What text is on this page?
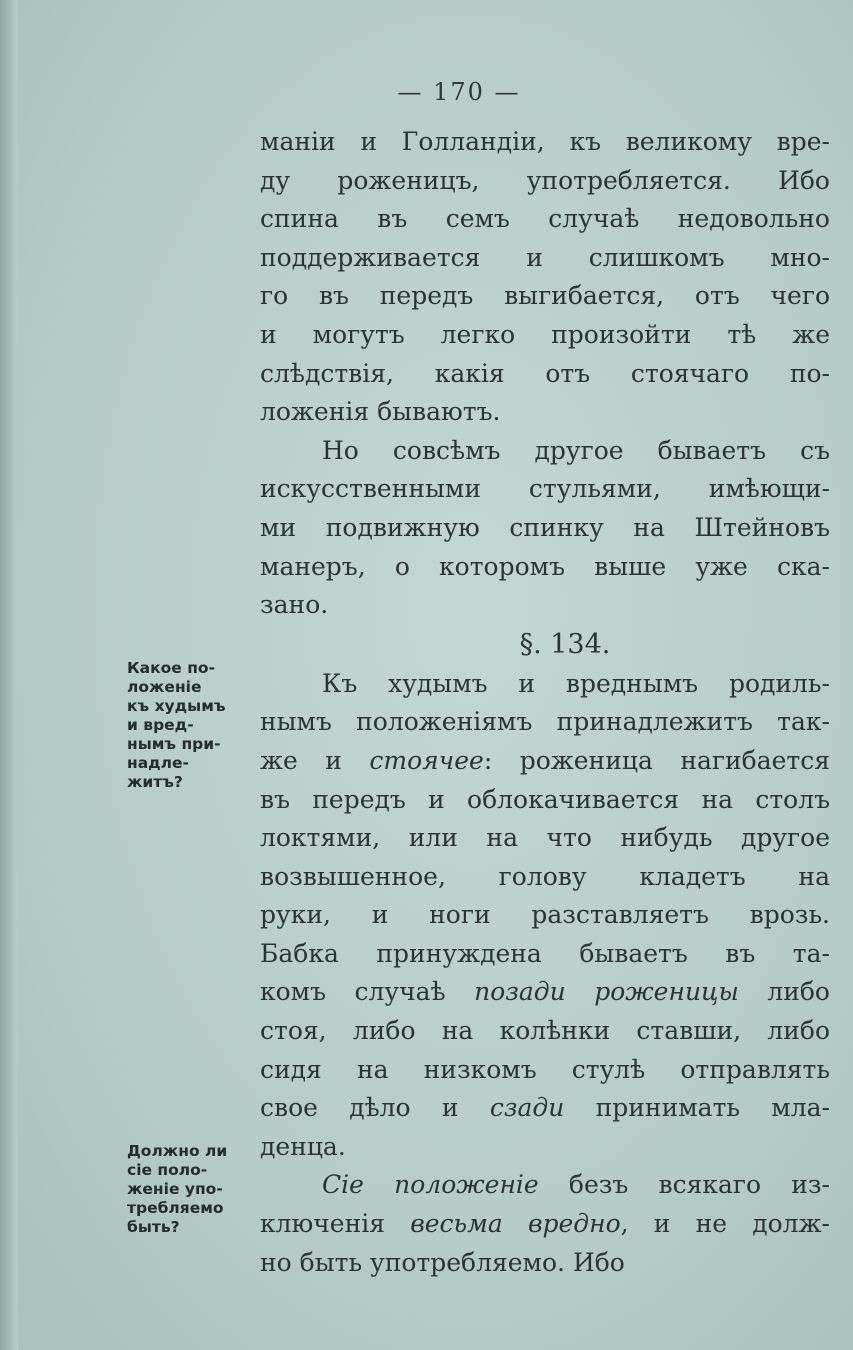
— 170 —
маніи и Голландіи, къ великому вре-
ду роженицъ, употребляется. Ибо
спина въ семъ случаѣ недовольно
поддерживается и слишкомъ мно-
го въ передъ выгибается, отъ чего
и могутъ легко произойти тѣ же
слѣдствія, какія отъ стоячаго по-
ложенія бываютъ.
Но совсѣмъ другое бываетъ съ
искусственными стульями, имѣющи-
ми подвижную спинку на Штейновъ
манеръ, о которомъ выше уже ска-
зано.
§. 134.
Къ худымъ и вреднымъ родиль-
нымъ положеніямъ принадлежитъ так-
же и стоячее: роженица нагибается
въ передъ и облокачивается на столъ
локтями, или на что нибудь другое
возвышенное, голову кладетъ на
руки, и ноги разставляетъ врозь.
Бабка принуждена бываетъ въ та-
комъ случаѣ позади роженицы либо
стоя, либо на колѣнки ставши, либо
сидя на низкомъ стулѣ отправлять
свое дѣло и сзади принимать мла-
денца.
Сіе положеніе безъ всякаго из-
ключенія весьма вредно, и не долж-
но быть употребляемо. Ибо
Какое по-
ложеніе
къ худымъ
и вред-
нымъ при-
надле-
житъ?
Должно ли
сіе поло-
женіе упо-
требляемо
быть?
